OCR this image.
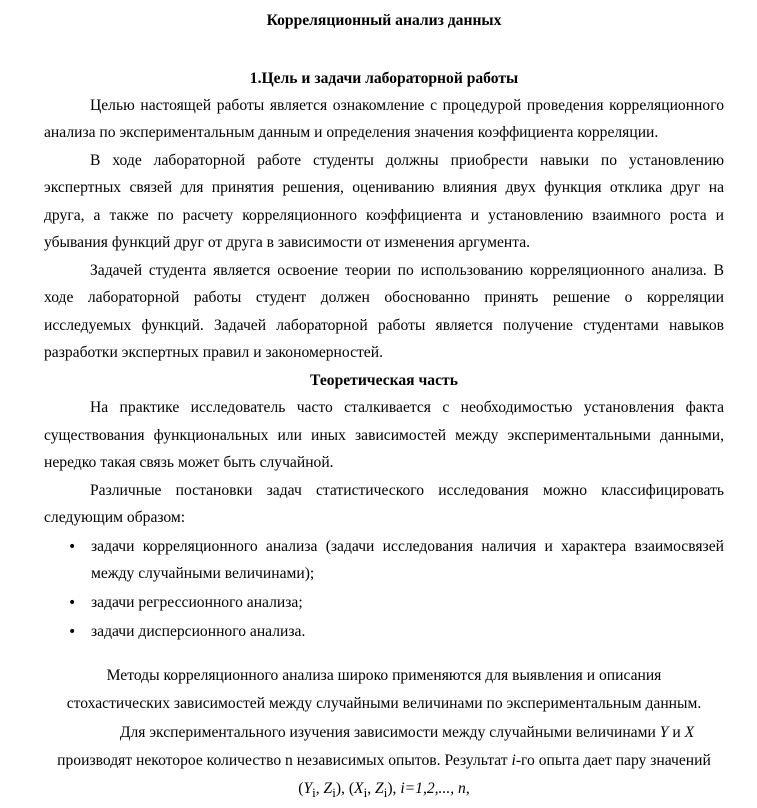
Корреляционный анализ данных
1.Цель и задачи лабораторной работы
Целью настоящей работы является ознакомление с процедурой проведения корреляционного
анализа по экспериментальным данным и определения значения коэффициента корреляции.
В ходе лабораторной работе студенты должны приобрести навыки по установлению
экспертных связей для принятия решения, оцениванию влияния двух функция отклика друг на
друга, а также по расчету корреляционного коэффициента и установлению взаимного роста и
убывания функций друг от друга в зависимости от изменения аргумента.
Задачей студента является освоение теории по использованию корреляционного анализа. В
ходе лабораторной работы студент должен обоснованно принять решение о корреляции
исследуемых функций. Задачей лабораторной работы является получение студентами навыков
разработки экспертных правил и закономерностей.
Теоретическая часть
На практике исследователь часто сталкивается с необходимостью установления факта
существования функциональных или иных зависимостей между экспериментальными данными,
нередко такая связь может быть случайной.
Различные постановки задач статистического исследования можно классифицировать
следующим образом:
• задачи корреляционного анализа (задачи исследования наличия и характера взаимосвязей
между случайными величинами);
• задачи регрессионного анализа;
• задачи дисперсионного анализа.
Методы корреляционного анализа широко применяются для выявления и описания
стохастических зависимостей между случайными величинами по экспериментальным данным.
Для экспериментального изучения зависимости между случайными величинами Y и X
производят некоторое количество n независимых опытов. Результат i-го опыта дает пару значений
($Y_i$, $Z_i$), ($X_i$, $Z_i$), i=1,2,..., n,
